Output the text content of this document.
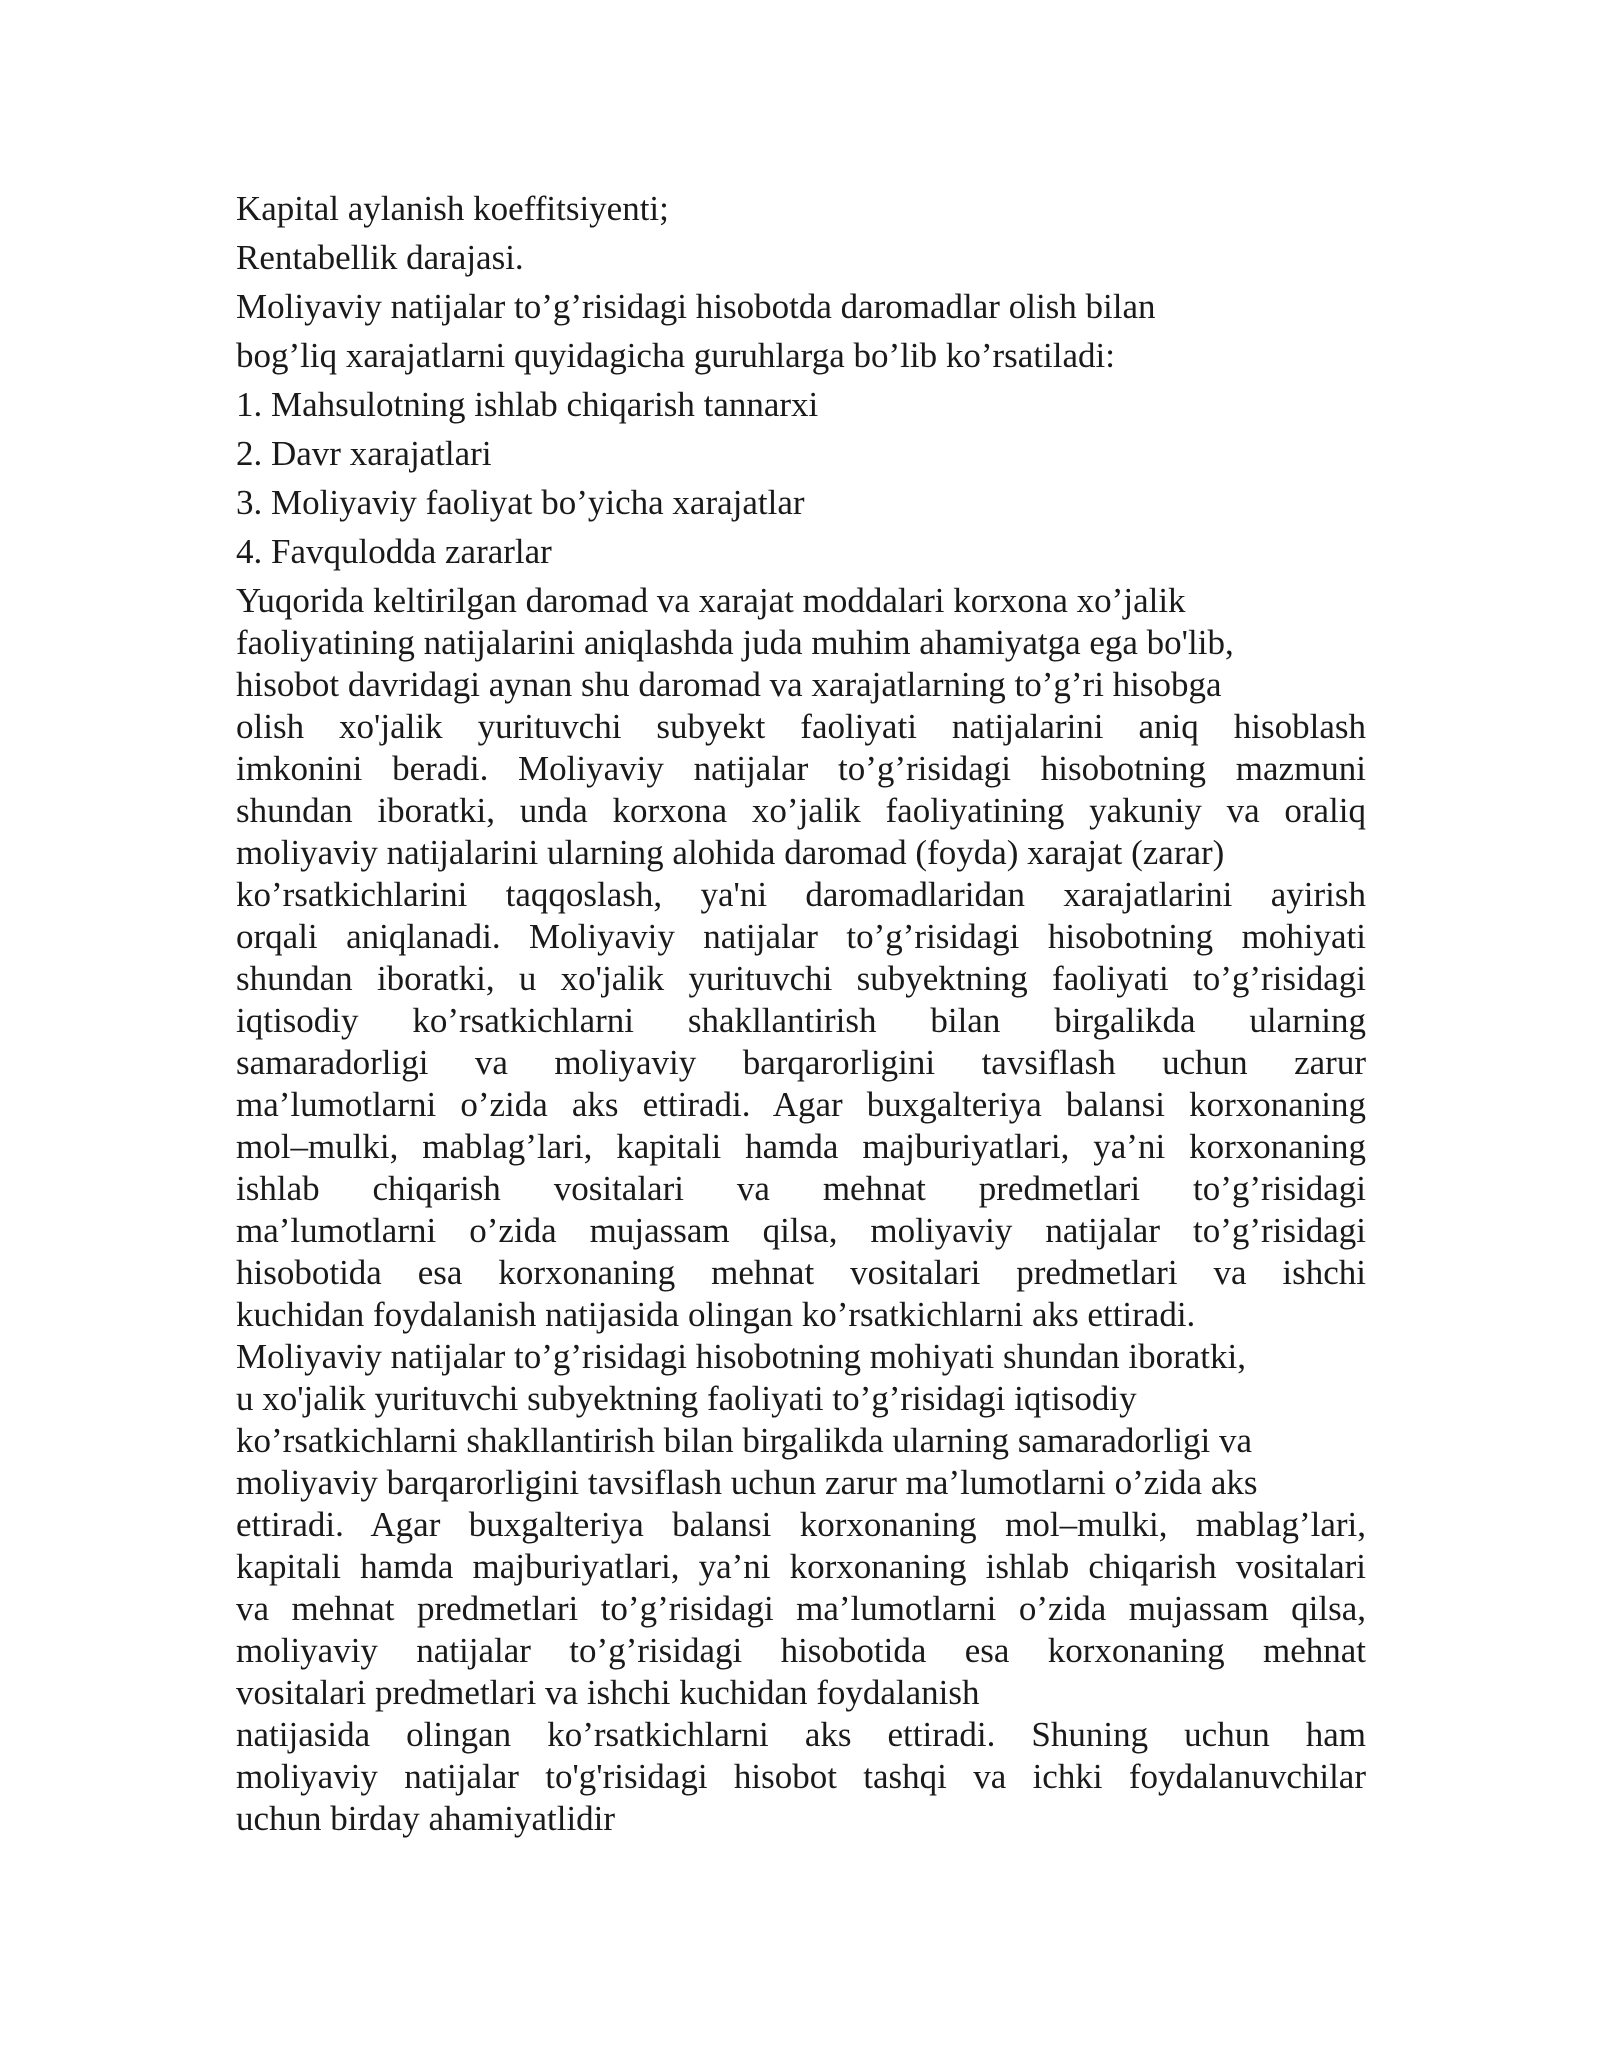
Kapital aylanish koeffitsiyenti;

Rentabellik darajasi.

Moliyaviy natijalar to’g’risidagi hisobotda daromadlar olish bilan

bog’liq xarajatlarni quyidagicha guruhlarga bo’lib ko’rsatiladi:

1. Mahsulotning ishlab chiqarish tannarxi

2. Davr xarajatlari

3. Moliyaviy faoliyat bo’yicha xarajatlar

4. Favqulodda zararlar

Yuqorida keltirilgan daromad va xarajat moddalari korxona xo’jalik

faoliyatining natijalarini aniqlashda juda muhim ahamiyatga ega bo'lib,

hisobot davridagi aynan shu daromad va xarajatlarning to’g’ri hisobga

olish xo'jalik yurituvchi subyekt faoliyati natijalarini aniq hisoblash

imkonini beradi. Moliyaviy natijalar to’g’risidagi hisobotning mazmuni

shundan iboratki, unda korxona xo’jalik faoliyatining yakuniy va oraliq

moliyaviy natijalarini ularning alohida daromad (foyda) xarajat (zarar)

ko’rsatkichlarini taqqoslash, ya'ni daromadlaridan xarajatlarini ayirish

orqali aniqlanadi. Moliyaviy natijalar to’g’risidagi hisobotning mohiyati

shundan iboratki, u xo'jalik yurituvchi subyektning faoliyati to’g’risidagi

iqtisodiy ko’rsatkichlarni shakllantirish bilan birgalikda ularning

samaradorligi va moliyaviy barqarorligini tavsiflash uchun zarur

ma’lumotlarni o’zida aks ettiradi. Agar buxgalteriya balansi korxonaning

mol–mulki, mablag’lari, kapitali hamda majburiyatlari, ya’ni korxonaning

ishlab chiqarish vositalari va mehnat predmetlari to’g’risidagi

ma’lumotlarni o’zida mujassam qilsa, moliyaviy natijalar to’g’risidagi

hisobotida esa korxonaning mehnat vositalari predmetlari va ishchi

kuchidan foydalanish natijasida olingan ko’rsatkichlarni aks ettiradi.

Moliyaviy natijalar to’g’risidagi hisobotning mohiyati shundan iboratki,

u xo'jalik yurituvchi subyektning faoliyati to’g’risidagi iqtisodiy

ko’rsatkichlarni shakllantirish bilan birgalikda ularning samaradorligi va

moliyaviy barqarorligini tavsiflash uchun zarur ma’lumotlarni o’zida aks

ettiradi. Agar buxgalteriya balansi korxonaning mol–mulki, mablag’lari,

kapitali hamda majburiyatlari, ya’ni korxonaning ishlab chiqarish vositalari

va mehnat predmetlari to’g’risidagi ma’lumotlarni o’zida mujassam qilsa,

moliyaviy natijalar to’g’risidagi hisobotida esa korxonaning mehnat

vositalari predmetlari va ishchi kuchidan foydalanish

natijasida olingan ko’rsatkichlarni aks ettiradi. Shuning uchun ham

moliyaviy natijalar to'g'risidagi hisobot tashqi va ichki foydalanuvchilar

uchun birday ahamiyatlidir
